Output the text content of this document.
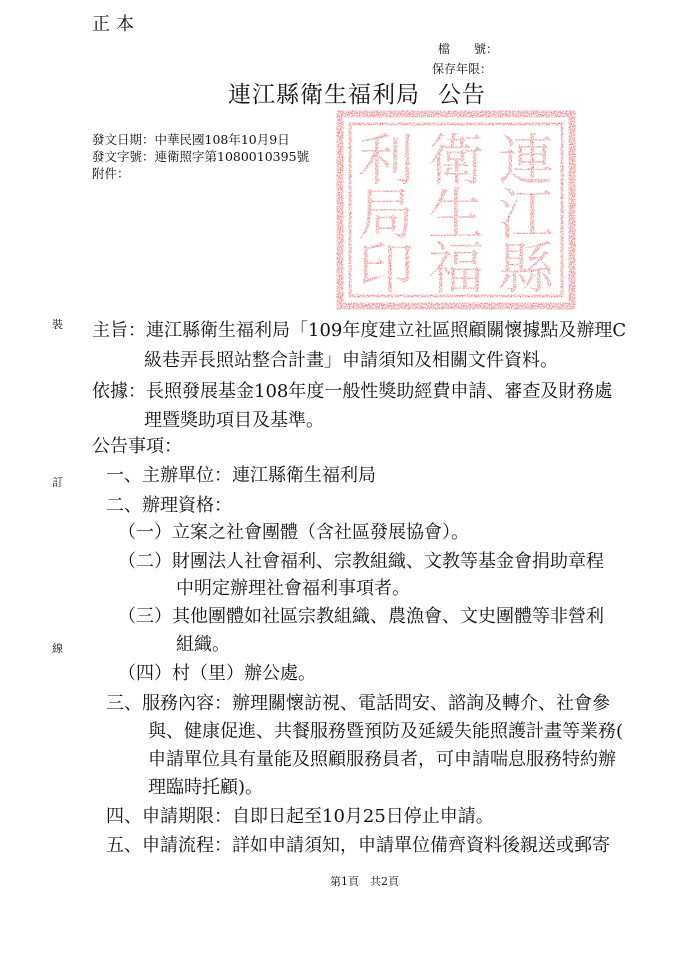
正本
檔　　號：
保存年限：
連江縣衛生福利局 公告
發文日期：中華民國108年10月9日
發文字號：連衛照字第1080010395號
附件：	連
江
縣
衛
生
福
利
局
印
裝
訂
線
主旨：連江縣衛生福利局「109年度建立社區照顧關懷據點及辦理C
級巷弄長照站整合計畫」申請須知及相關文件資料。
依據：長照發展基金108年度一般性獎助經費申請、審查及財務處
理暨獎助項目及基準。
公告事項：
一、主辦單位：連江縣衛生福利局
二、辦理資格：
（一）立案之社會團體（含社區發展協會）。
（二）財團法人社會福利、宗教組織、文教等基金會捐助章程
中明定辦理社會福利事項者。
（三）其他團體如社區宗教組織、農漁會、文史團體等非營利
組織。
（四）村（里）辦公處。
三、服務內容：辦理關懷訪視、電話問安、諮詢及轉介、社會參
與、健康促進、共餐服務暨預防及延緩失能照護計畫等業務(
申請單位具有量能及照顧服務員者，可申請喘息服務特約辦
理臨時托顧)。
四、申請期限：自即日起至10月25日停止申請。
五、申請流程：詳如申請須知，申請單位備齊資料後親送或郵寄
第1頁　共2頁
